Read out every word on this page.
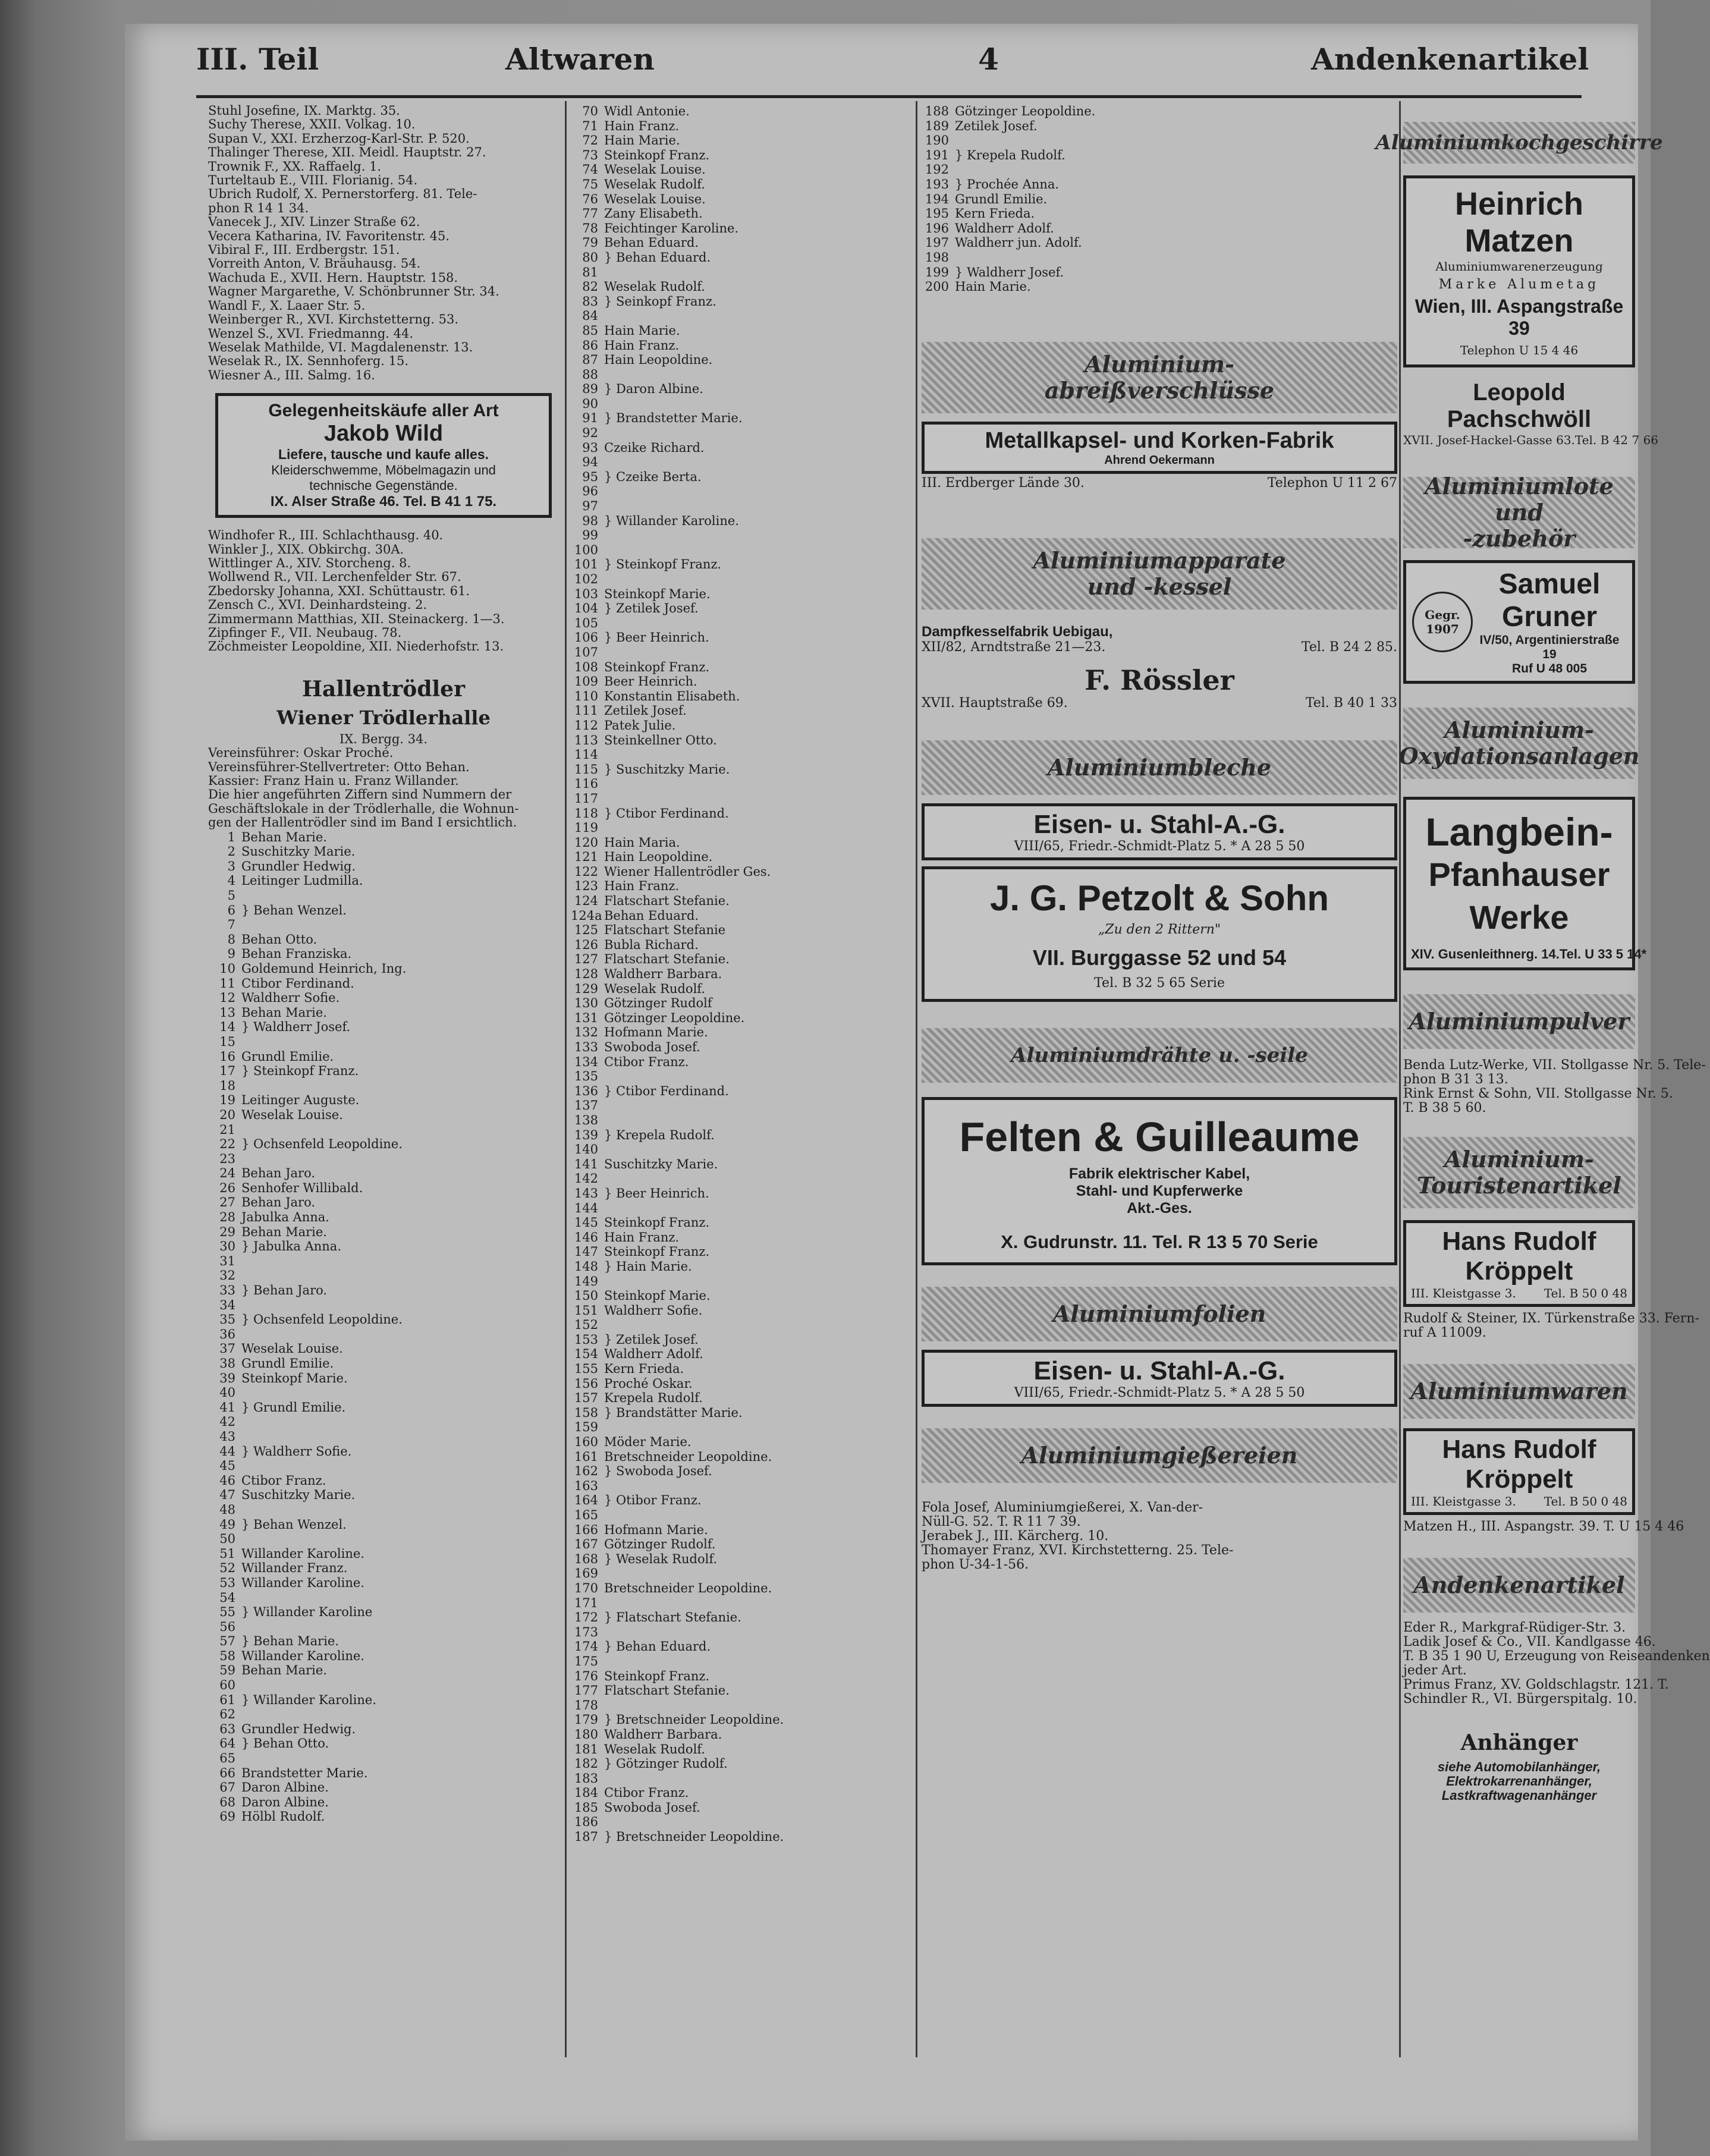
III. Teil	Altwaren	4	Andenkenartikel
Stuhl Josefine, IX. Marktg. 35.
Suchy Therese, XXII. Volkag. 10.
Supan V., XXI. Erzherzog-Karl-Str. P. 520.
Thalinger Therese, XII. Meidl. Hauptstr. 27.
Trownik F., XX. Raffaelg. 1.
Turteltaub E., VIII. Florianig. 54.
Ubrich Rudolf, X. Pernerstorferg. 81. Tele-
phon R 14 1 34.
Vanecek J., XIV. Linzer Straße 62.
Vecera Katharina, IV. Favoritenstr. 45.
Vibiral F., III. Erdbergstr. 151.
Vorreith Anton, V. Bräuhausg. 54.
Wachuda E., XVII. Hern. Hauptstr. 158.
Wagner Margarethe, V. Schönbrunner Str. 34.
Wandl F., X. Laaer Str. 5.
Weinberger R., XVI. Kirchstetterng. 53.
Wenzel S., XVI. Friedmanng. 44.
Weselak Mathilde, VI. Magdalenenstr. 13.
Weselak R., IX. Sennhoferg. 15.
Wiesner A., III. Salmg. 16.
Gelegenheitskäufe aller Art
Jakob Wild
Liefere, tausche und kaufe alles.
Kleiderschwemme, Möbelmagazin und
technische Gegenstände.
IX. Alser Straße 46. Tel. B 41 1 75.
Windhofer R., III. Schlachthausg. 40.
Winkler J., XIX. Obkirchg. 30A.
Wittlinger A., XIV. Storcheng. 8.
Wollwend R., VII. Lerchenfelder Str. 67.
Zbedorsky Johanna, XXI. Schüttaustr. 61.
Zensch C., XVI. Deinhardsteing. 2.
Zimmermann Matthias, XII. Steinackerg. 1—3.
Zipfinger F., VII. Neubaug. 78.
Zöchmeister Leopoldine, XII. Niederhofstr. 13.
Hallentrödler
Wiener Trödlerhalle
IX. Bergg. 34.
Vereinsführer: Oskar Proché.
Vereinsführer-Stellvertreter: Otto Behan.
Kassier: Franz Hain u. Franz Willander.
Die hier angeführten Ziffern sind Nummern der
Geschäftslokale in der Trödlerhalle, die Wohnun-
gen der Hallentrödler sind im Band I ersichtlich.
1 Behan Marie.
2 Suschitzky Marie.
3 Grundler Hedwig.
4 Leitinger Ludmilla.
5
6 } Behan Wenzel.
7
8 Behan Otto.
9 Behan Franziska.
10 Goldemund Heinrich, Ing.
11 Ctibor Ferdinand.
12 Waldherr Sofie.
13 Behan Marie.
14 } Waldherr Josef.
15
16 Grundl Emilie.
17 } Steinkopf Franz.
18
19 Leitinger Auguste.
20 Weselak Louise.
21
22 } Ochsenfeld Leopoldine.
23
24 Behan Jaro.
26 Senhofer Willibald.
27 Behan Jaro.
28 Jabulka Anna.
29 Behan Marie.
30 } Jabulka Anna.
31
32
33 } Behan Jaro.
34
35 } Ochsenfeld Leopoldine.
36
37 Weselak Louise.
38 Grundl Emilie.
39 Steinkopf Marie.
40
41 } Grundl Emilie.
42
43
44 } Waldherr Sofie.
45
46 Ctibor Franz.
47 Suschitzky Marie.
48
49 } Behan Wenzel.
50
51 Willander Karoline.
52 Willander Franz.
53 Willander Karoline.
54
55 } Willander Karoline
56
57 } Behan Marie.
58 Willander Karoline.
59 Behan Marie.
60
61 } Willander Karoline.
62
63 Grundler Hedwig.
64 } Behan Otto.
65
66 Brandstetter Marie.
67 Daron Albine.
68 Daron Albine.
69 Hölbl Rudolf.
70 Widl Antonie.
71 Hain Franz.
72 Hain Marie.
73 Steinkopf Franz.
74 Weselak Louise.
75 Weselak Rudolf.
76 Weselak Louise.
77 Zany Elisabeth.
78 Feichtinger Karoline.
79 Behan Eduard.
80 } Behan Eduard.
81
82 Weselak Rudolf.
83 } Seinkopf Franz.
84
85 Hain Marie.
86 Hain Franz.
87 Hain Leopoldine.
88
89 } Daron Albine.
90
91 } Brandstetter Marie.
92
93 Czeike Richard.
94
95 } Czeike Berta.
96
97
98 } Willander Karoline.
99
100
101 } Steinkopf Franz.
102
103 Steinkopf Marie.
104 } Zetilek Josef.
105
106 } Beer Heinrich.
107
108 Steinkopf Franz.
109 Beer Heinrich.
110 Konstantin Elisabeth.
111 Zetilek Josef.
112 Patek Julie.
113 Steinkellner Otto.
114
115 } Suschitzky Marie.
116
117
118 } Ctibor Ferdinand.
119
120 Hain Maria.
121 Hain Leopoldine.
122 Wiener Hallentrödler Ges.
123 Hain Franz.
124 Flatschart Stefanie.
124a Behan Eduard.
125 Flatschart Stefanie
126 Bubla Richard.
127 Flatschart Stefanie.
128 Waldherr Barbara.
129 Weselak Rudolf.
130 Götzinger Rudolf
131 Götzinger Leopoldine.
132 Hofmann Marie.
133 Swoboda Josef.
134 Ctibor Franz.
135
136 } Ctibor Ferdinand.
137
138
139 } Krepela Rudolf.
140
141 Suschitzky Marie.
142
143 } Beer Heinrich.
144
145 Steinkopf Franz.
146 Hain Franz.
147 Steinkopf Franz.
148 } Hain Marie.
149
150 Steinkopf Marie.
151 Waldherr Sofie.
152
153 } Zetilek Josef.
154 Waldherr Adolf.
155 Kern Frieda.
156 Proché Oskar.
157 Krepela Rudolf.
158 } Brandstätter Marie.
159
160 Möder Marie.
161 Bretschneider Leopoldine.
162 } Swoboda Josef.
163
164 } Otibor Franz.
165
166 Hofmann Marie.
167 Götzinger Rudolf.
168 } Weselak Rudolf.
169
170 Bretschneider Leopoldine.
171
172 } Flatschart Stefanie.
173
174 } Behan Eduard.
175
176 Steinkopf Franz.
177 Flatschart Stefanie.
178
179 } Bretschneider Leopoldine.
180 Waldherr Barbara.
181 Weselak Rudolf.
182 } Götzinger Rudolf.
183
184 Ctibor Franz.
185 Swoboda Josef.
186
187 } Bretschneider Leopoldine.
188 Götzinger Leopoldine.
189 Zetilek Josef.
190
191 } Krepela Rudolf.
192
193 } Prochée Anna.
194 Grundl Emilie.
195 Kern Frieda.
196 Waldherr Adolf.
197 Waldherr jun. Adolf.
198
199 } Waldherr Josef.
200 Hain Marie.
Aluminium-
abreißverschlüsse
Metallkapsel- und Korken-Fabrik
Ahrend Oekermann
III. Erdberger Lände 30.	Telephon U 11 2 67
Aluminiumapparate
und -kessel
Dampfkesselfabrik Uebigau,
XII/82, Arndtstraße 21—23.	Tel. B 24 2 85.
F. Rössler
XVII. Hauptstraße 69.	Tel. B 40 1 33
Aluminiumbleche
Eisen- u. Stahl-A.-G.
VIII/65, Friedr.-Schmidt-Platz 5. * A 28 5 50
J. G. Petzolt & Sohn
„Zu den 2 Rittern"
VII. Burggasse 52 und 54
Tel. B 32 5 65 Serie
Aluminiumdrähte u. -seile
Felten & Guilleaume
Fabrik elektrischer Kabel,
Stahl- und Kupferwerke
Akt.-Ges.
X. Gudrunstr. 11. Tel. R 13 5 70 Serie
Aluminiumfolien
Eisen- u. Stahl-A.-G.
VIII/65, Friedr.-Schmidt-Platz 5. * A 28 5 50
Aluminiumgießereien
Fola Josef, Aluminiumgießerei, X. Van-der-
Nüll-G. 52. T. R 11 7 39.
Jerabek J., III. Kärcherg. 10.
Thomayer Franz, XVI. Kirchstetterng. 25. Tele-
phon U-34-1-56.
Aluminiumkochgeschirre
Heinrich Matzen
Aluminiumwarenerzeugung
Marke Alumetag
Wien, III. Aspangstraße 39
Telephon U 15 4 46
Leopold Pachschwöll
XVII. Josef-Hackel-Gasse 63. Tel. B 42 7 66
Aluminiumlote und
-zubehör
Gegr.
1907
Samuel Gruner
IV/50, Argentinierstraße 19
Ruf U 48 005
Aluminium-
Oxydationsanlagen
Langbein-
Pfanhauser Werke
XIV. Gusenleithnerg. 14. Tel. U 33 5 14*
Aluminiumpulver
Benda Lutz-Werke, VII. Stollgasse Nr. 5. Tele-
phon B 31 3 13.
Rink Ernst & Sohn, VII. Stollgasse Nr. 5.
T. B 38 5 60.
Aluminium-
Touristenartikel
Hans Rudolf Kröppelt
III. Kleistgasse 3. Tel. B 50 0 48
Rudolf & Steiner, IX. Türkenstraße 33. Fern-
ruf A 11009.
Aluminiumwaren
Hans Rudolf Kröppelt
III. Kleistgasse 3. Tel. B 50 0 48
Matzen H., III. Aspangstr. 39. T. U 15 4 46
Andenkenartikel
Eder R., Markgraf-Rüdiger-Str. 3.
Ladik Josef & Co., VII. Kandlgasse 46.
T. B 35 1 90 U, Erzeugung von Reiseandenken
jeder Art.
Primus Franz, XV. Goldschlagstr. 121. T.
Schindler R., VI. Bürgerspitalg. 10.
Anhänger
siehe Automobilanhänger,
Elektrokarrenanhänger,
Lastkraftwagenanhänger
